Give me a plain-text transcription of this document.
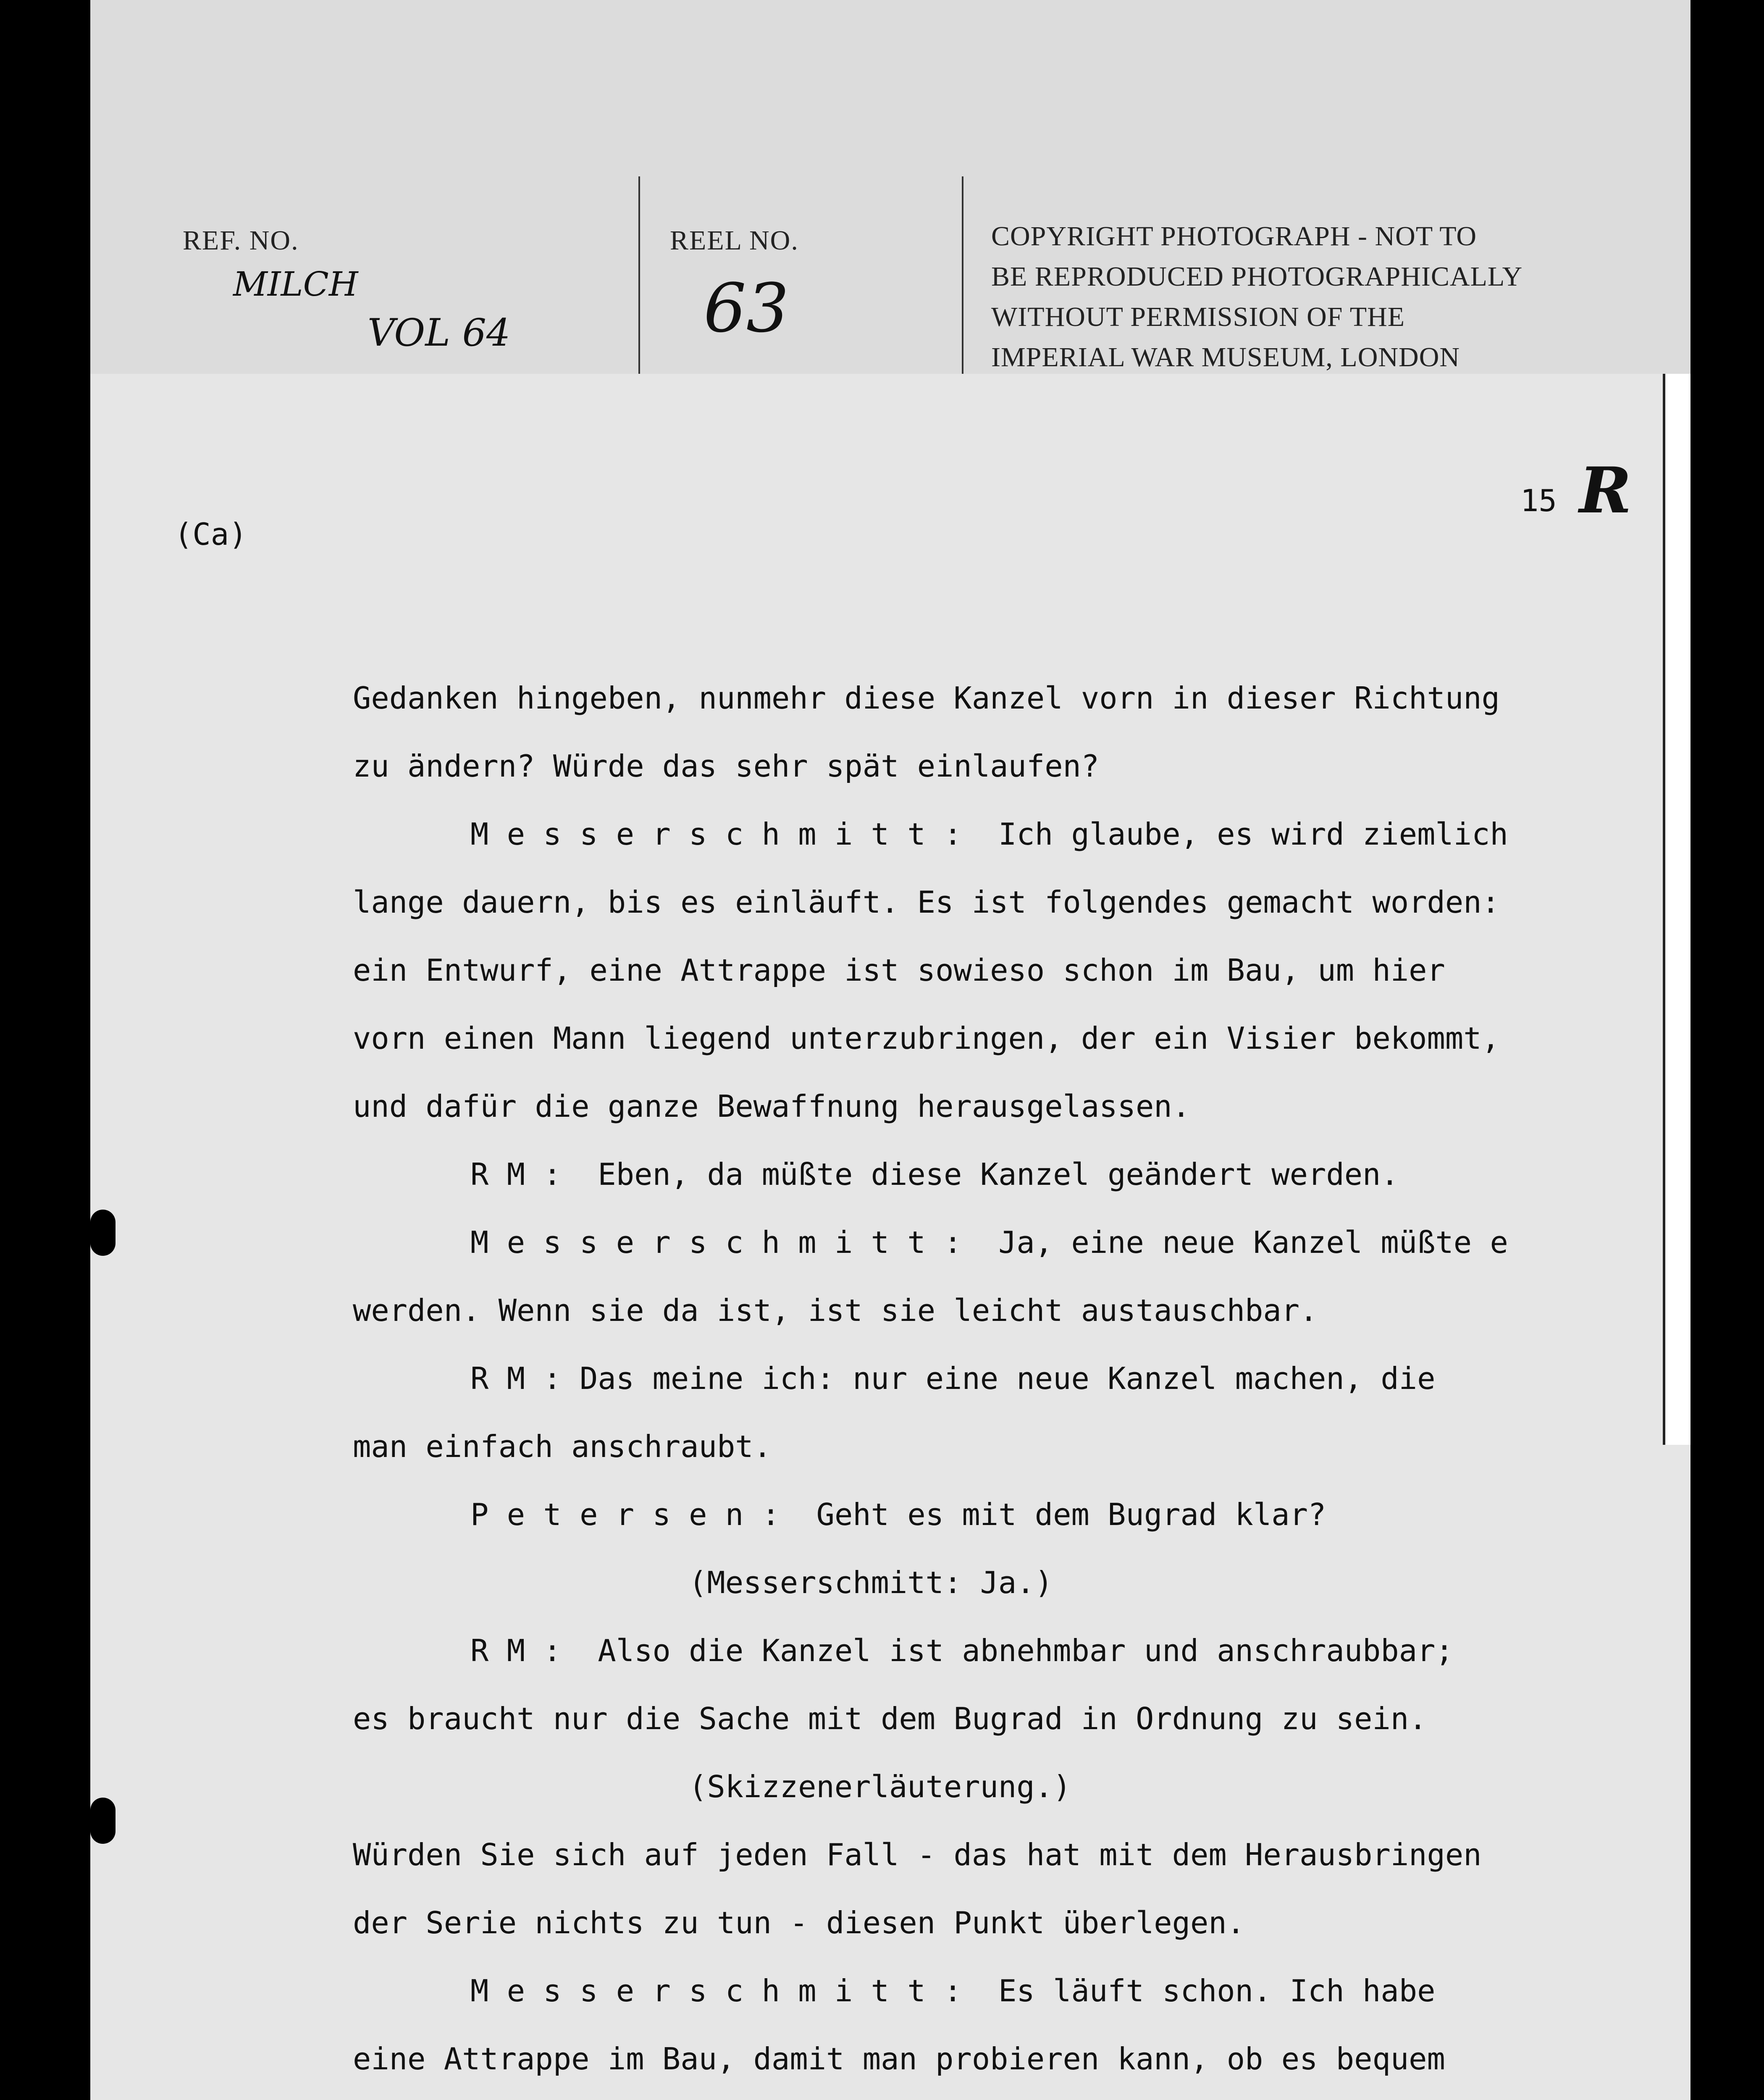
REF. NO.
MILCH
VOL 64
REEL NO.
63
COPYRIGHT PHOTOGRAPH - NOT TO
BE REPRODUCED PHOTOGRAPHICALLY
WITHOUT PERMISSION OF THE
IMPERIAL WAR MUSEUM, LONDON
15 R
(Ca)
Gedanken hingeben, nunmehr diese Kanzel vorn in dieser Richtung
zu ändern? Würde das sehr spät einlaufen?
M e s s e r s c h m i t t :  Ich glaube, es wird ziemlich
lange dauern, bis es einläuft. Es ist folgendes gemacht worden:
ein Entwurf, eine Attrappe ist sowieso schon im Bau, um hier
vorn einen Mann liegend unterzubringen, der ein Visier bekommt,
und dafür die ganze Bewaffnung herausgelassen.
R M :  Eben, da müßte diese Kanzel geändert werden.
M e s s e r s c h m i t t :  Ja, eine neue Kanzel müßte e
werden. Wenn sie da ist, ist sie leicht austauschbar.
R M : Das meine ich: nur eine neue Kanzel machen, die
man einfach anschraubt.
P e t e r s e n :  Geht es mit dem Bugrad klar?
(Messerschmitt: Ja.)
R M :  Also die Kanzel ist abnehmbar und anschraubbar;
es braucht nur die Sache mit dem Bugrad in Ordnung zu sein.
(Skizzenerläuterung.)
Würden Sie sich auf jeden Fall - das hat mit dem Herausbringen
der Serie nichts zu tun - diesen Punkt überlegen.
M e s s e r s c h m i t t :  Es läuft schon. Ich habe
eine Attrappe im Bau, damit man probieren kann, ob es bequem
